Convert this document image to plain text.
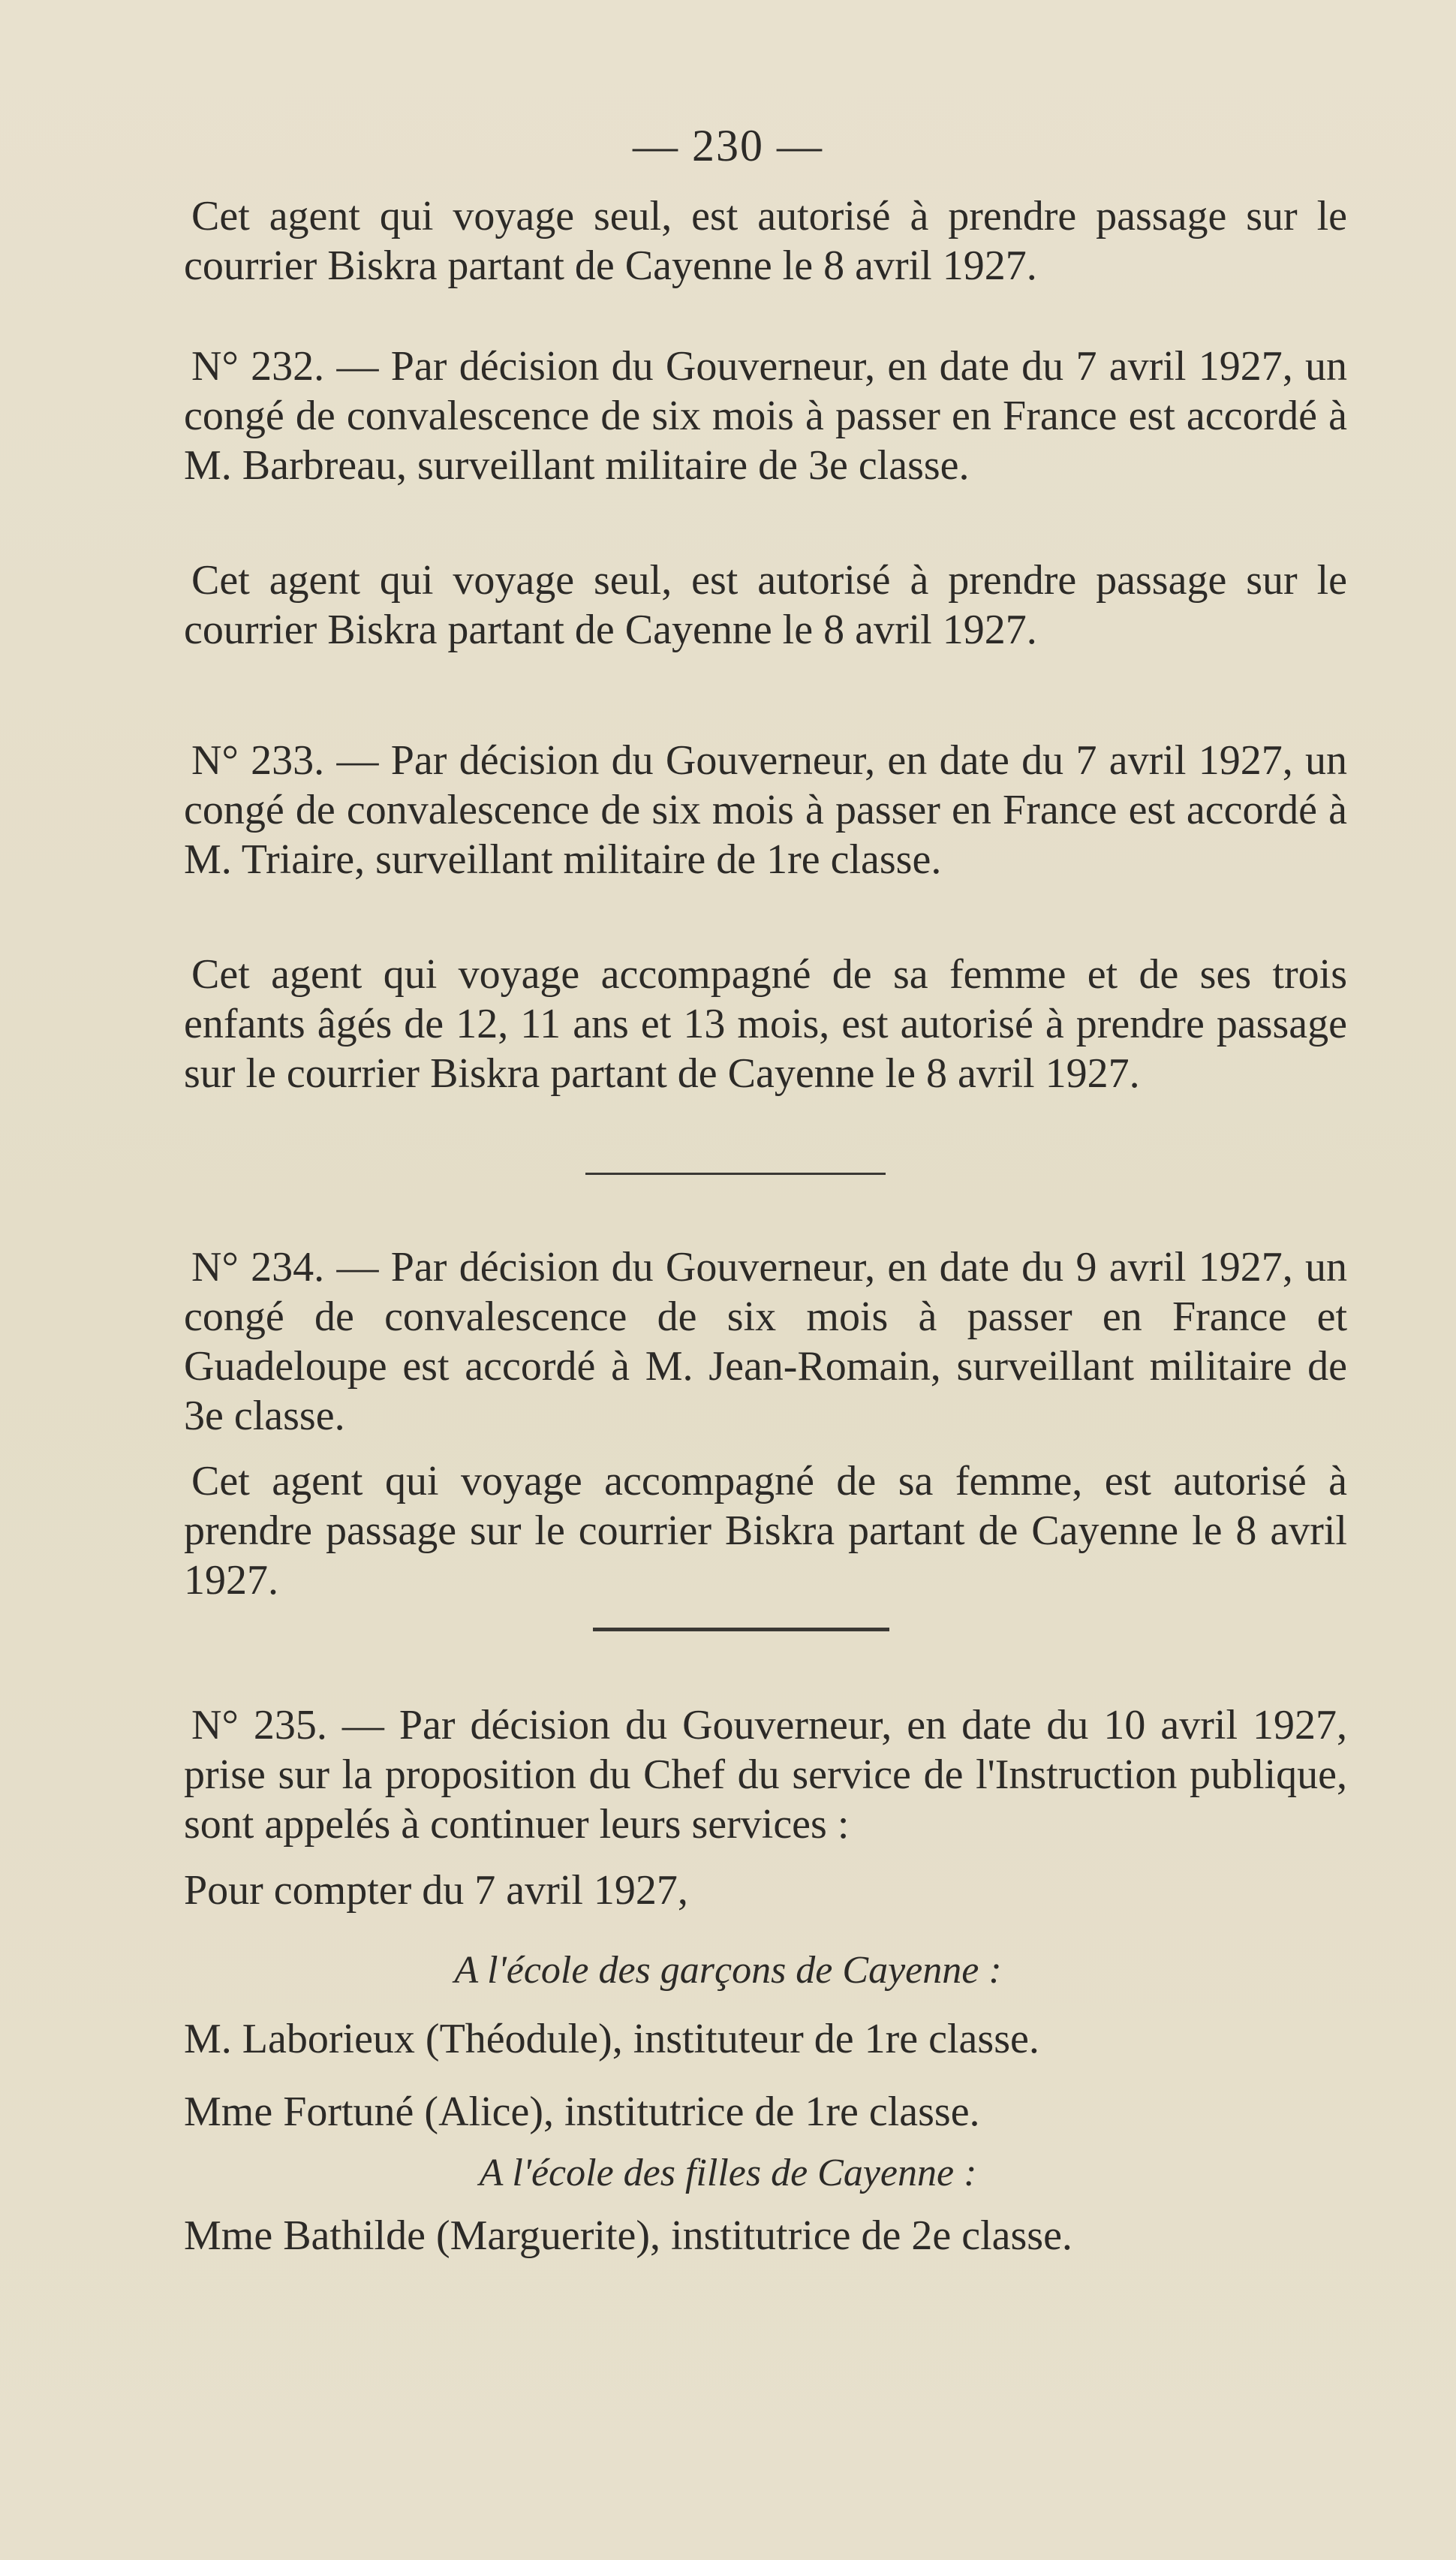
— 230 —

Cet agent qui voyage seul, est autorisé à prendre passage sur le courrier Biskra partant de Cayenne le 8 avril 1927.

N° 232. — Par décision du Gouverneur, en date du 7 avril 1927, un congé de convalescence de six mois à passer en France est accordé à M. Barbreau, surveillant militaire de 3e classe.

Cet agent qui voyage seul, est autorisé à prendre passage sur le courrier Biskra partant de Cayenne le 8 avril 1927.

N° 233. — Par décision du Gouverneur, en date du 7 avril 1927, un congé de convalescence de six mois à passer en France est accordé à M. Triaire, surveillant militaire de 1re classe.

Cet agent qui voyage accompagné de sa femme et de ses trois enfants âgés de 12, 11 ans et 13 mois, est autorisé à prendre passage sur le courrier Biskra partant de Cayenne le 8 avril 1927.

N° 234. — Par décision du Gouverneur, en date du 9 avril 1927, un congé de convalescence de six mois à passer en France et Guadeloupe est accordé à M. Jean-Romain, surveillant militaire de 3e classe.

Cet agent qui voyage accompagné de sa femme, est autorisé à prendre passage sur le courrier Biskra partant de Cayenne le 8 avril 1927.

N° 235. — Par décision du Gouverneur, en date du 10 avril 1927, prise sur la proposition du Chef du service de l'Instruction publique, sont appelés à continuer leurs services :

Pour compter du 7 avril 1927,
A l'école des garçons de Cayenne :
M. Laborieux (Théodule), instituteur de 1re classe.
Mme Fortuné (Alice), institutrice de 1re classe.
A l'école des filles de Cayenne :
Mme Bathilde (Marguerite), institutrice de 2e classe.
